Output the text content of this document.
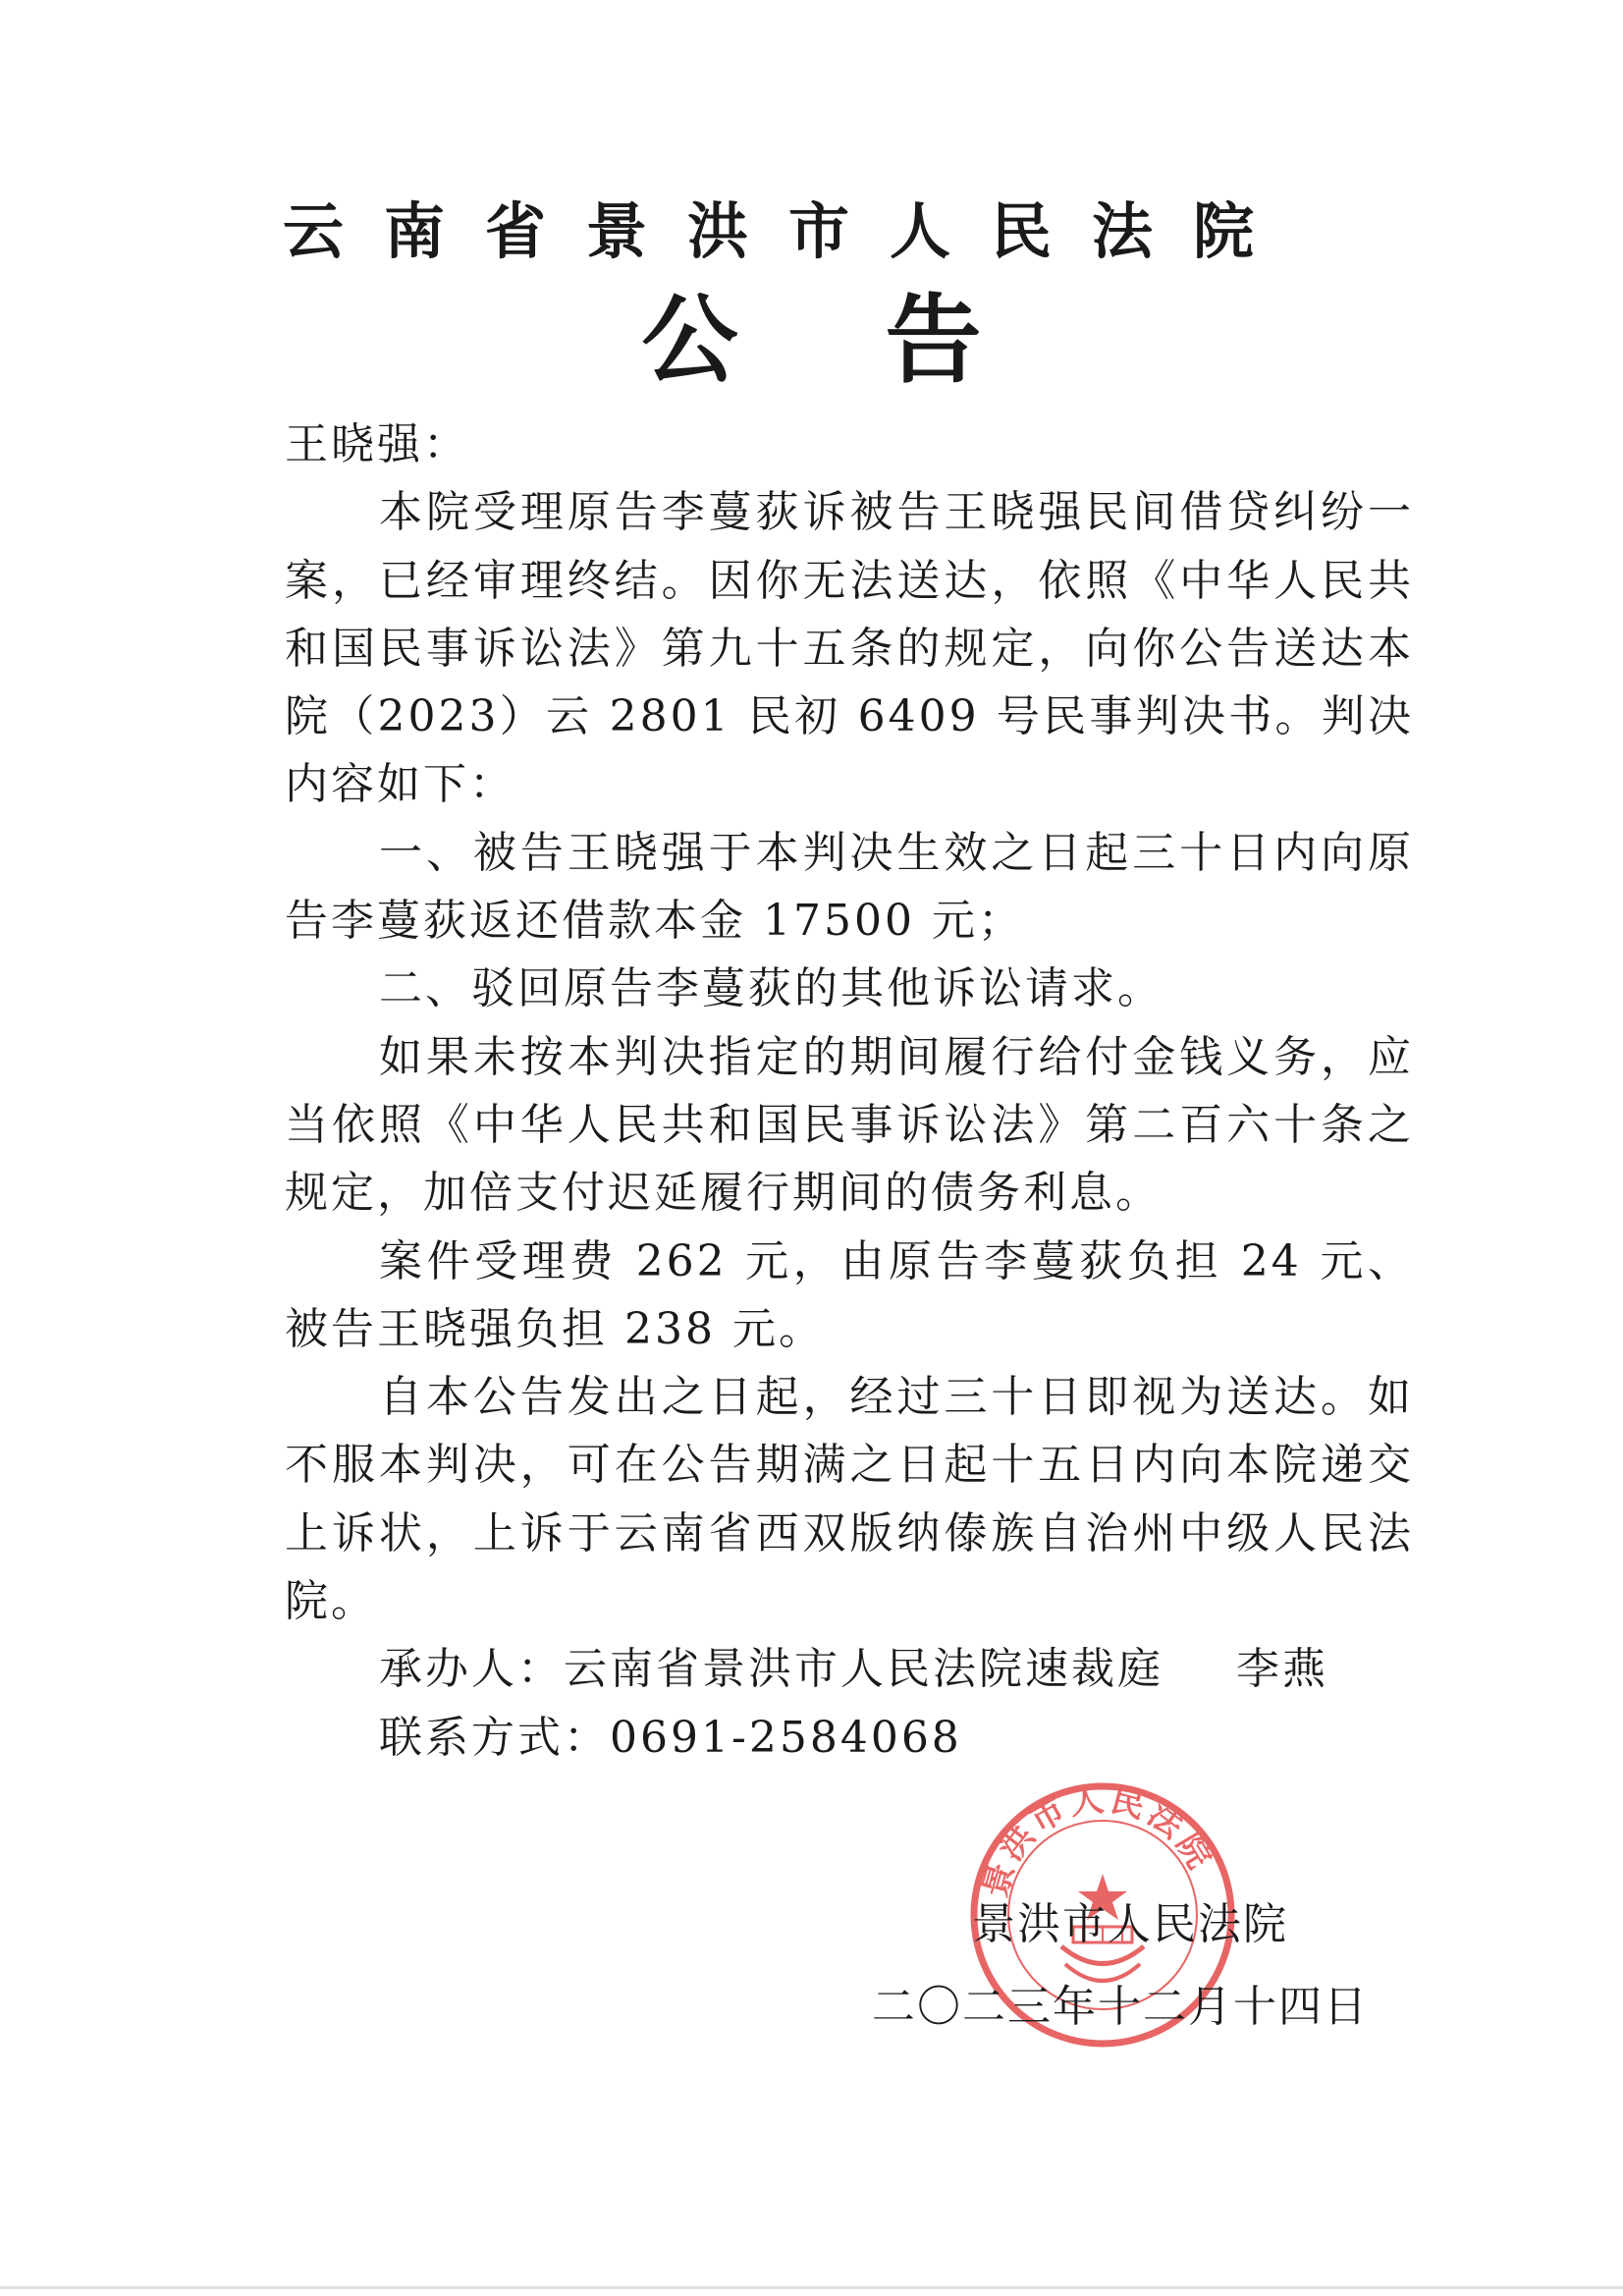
云南省景洪市人民法院
公告

王晓强：

本院受理原告李蔓荻诉被告王晓强民间借贷纠纷一案，已经审理终结。因你无法送达，依照《中华人民共和国民事诉讼法》第九十五条的规定，向你公告送达本院（2023）云 2801 民初 6409 号民事判决书。判决内容如下：

一、被告王晓强于本判决生效之日起三十日内向原告李蔓荻返还借款本金 17500 元；

二、驳回原告李蔓荻的其他诉讼请求。

如果未按本判决指定的期间履行给付金钱义务，应当依照《中华人民共和国民事诉讼法》第二百六十条之规定，加倍支付迟延履行期间的债务利息。

案件受理费 262 元，由原告李蔓荻负担 24 元、被告王晓强负担 238 元。

自本公告发出之日起，经过三十日即视为送达。如不服本判决，可在公告期满之日起十五日内向本院递交上诉状，上诉于云南省西双版纳傣族自治州中级人民法院。

承办人：云南省景洪市人民法院速裁庭 李燕
联系方式：0691-2584068
景洪市人民法院
景洪市人民法院
二〇二三年十二月十四日
